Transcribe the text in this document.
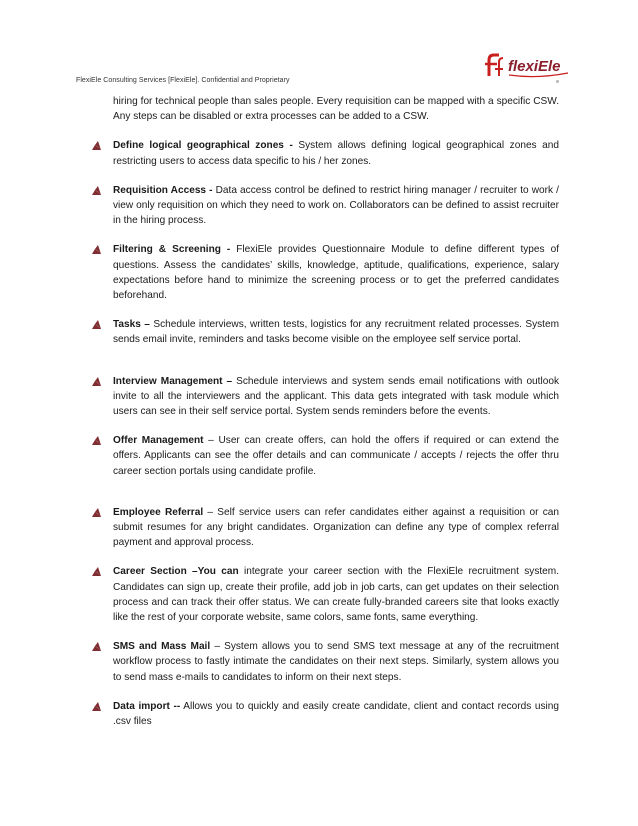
FlexiEle Consulting Services [FlexiEle]. Confidential and Proprietary
flexiEle

hiring for technical people than sales people. Every requisition can be mapped with a specific CSW. Any steps can be disabled or extra processes can be added to a CSW.

Define logical geographical zones - System allows defining logical geographical zones and restricting users to access data specific to his / her zones.

Requisition Access - Data access control be defined to restrict hiring manager / recruiter to work / view only requisition on which they need to work on. Collaborators can be defined to assist recruiter in the hiring process.

Filtering & Screening - FlexiEle provides Questionnaire Module to define different types of questions. Assess the candidates’ skills, knowledge, aptitude, qualifications, experience, salary expectations before hand to minimize the screening process or to get the preferred candidates beforehand.

Tasks – Schedule interviews, written tests, logistics for any recruitment related processes. System sends email invite, reminders and tasks become visible on the employee self service portal.

Interview Management – Schedule interviews and system sends email notifications with outlook invite to all the interviewers and the applicant. This data gets integrated with task module which users can see in their self service portal. System sends reminders before the events.

Offer Management – User can create offers, can hold the offers if required or can extend the offers. Applicants can see the offer details and can communicate / accepts / rejects the offer thru career section portals using candidate profile.

Employee Referral – Self service users can refer candidates either against a requisition or can submit resumes for any bright candidates. Organization can define any type of complex referral payment and approval process.

Career Section –You can integrate your career section with the FlexiEle recruitment system. Candidates can sign up, create their profile, add job in job carts, can get updates on their selection process and can track their offer status. We can create fully-branded careers site that looks exactly like the rest of your corporate website, same colors, same fonts, same everything.

SMS and Mass Mail – System allows you to send SMS text message at any of the recruitment workflow process to fastly intimate the candidates on their next steps. Similarly, system allows you to send mass e-mails to candidates to inform on their next steps.

Data import -- Allows you to quickly and easily create candidate, client and contact records using .csv files
